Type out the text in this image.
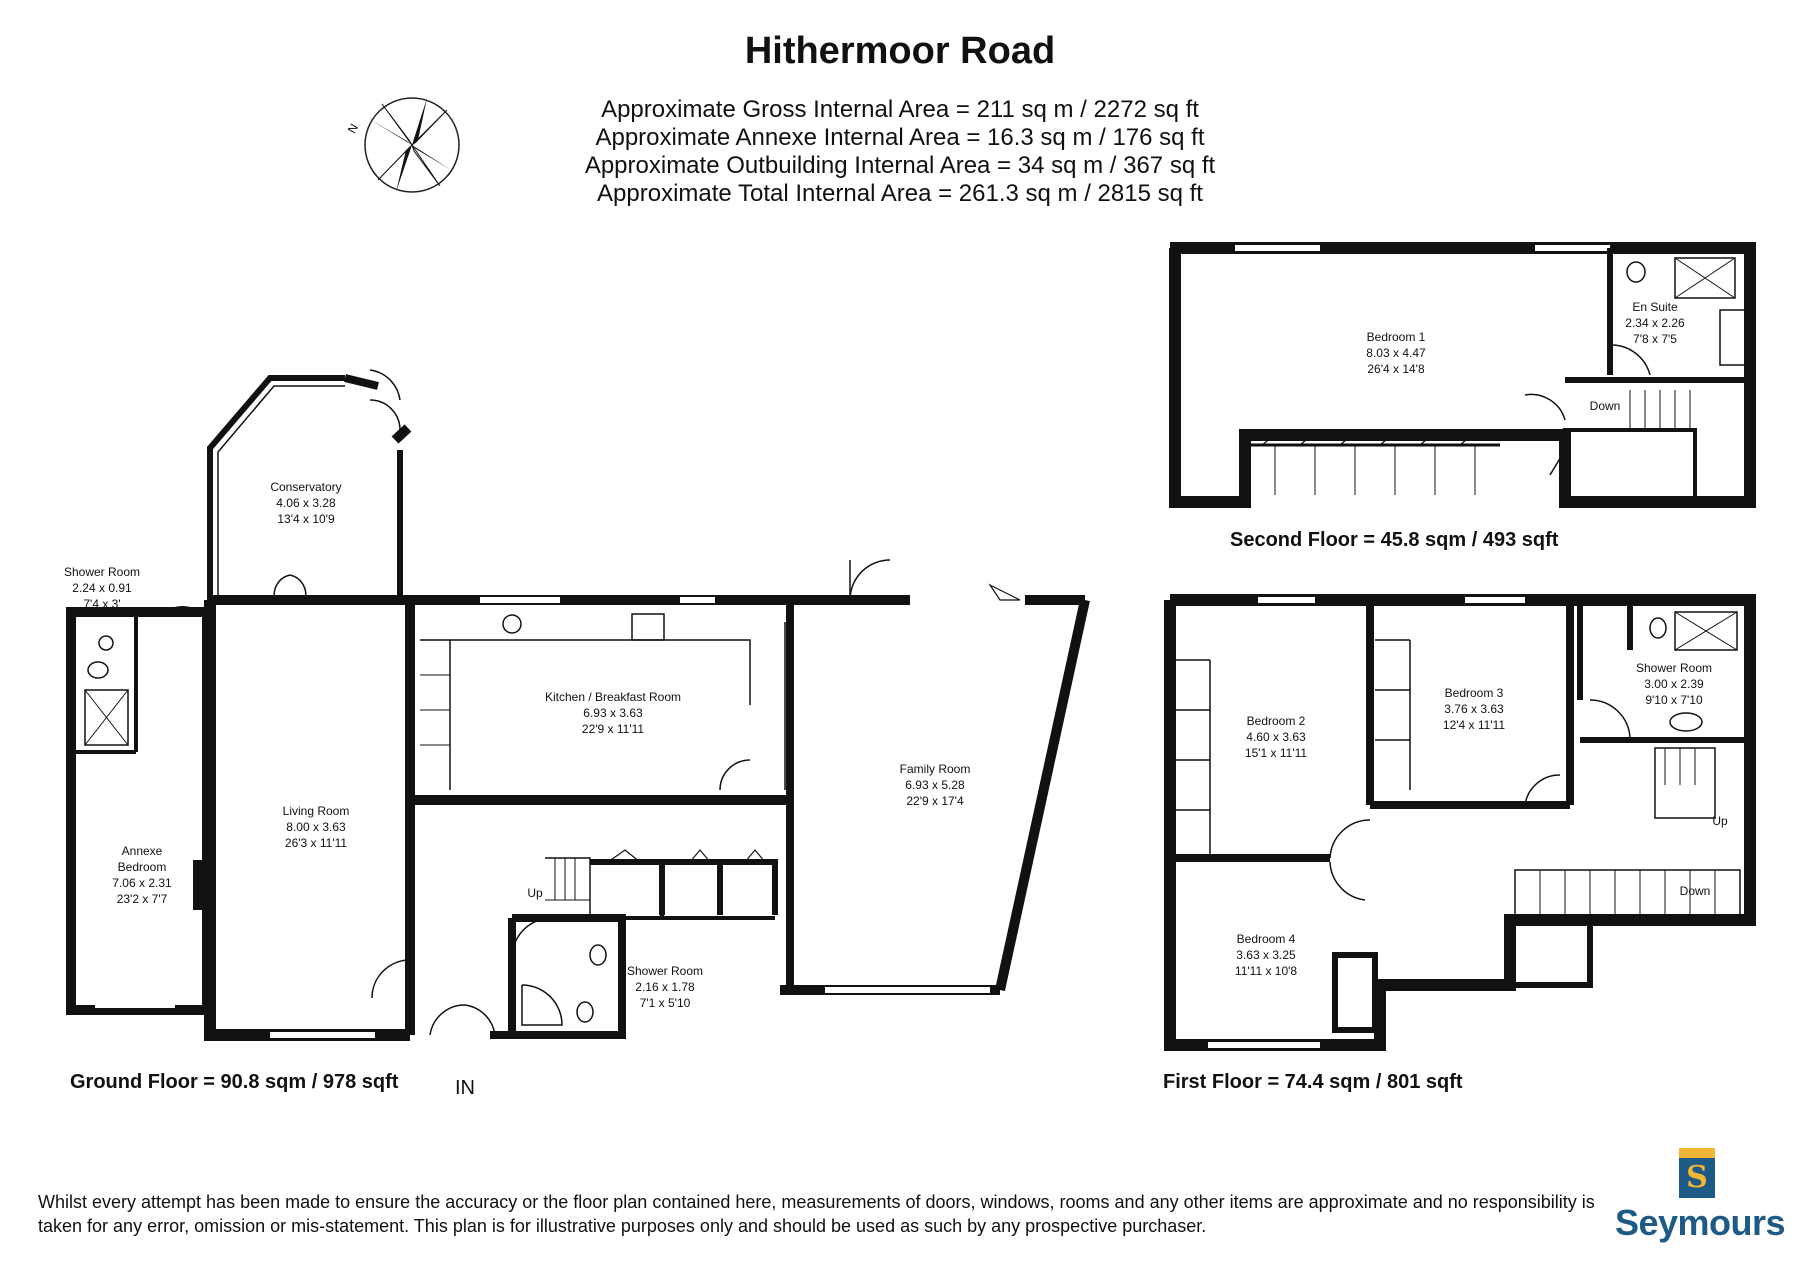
Hithermoor Road
Approximate Gross Internal Area = 211 sq m / 2272 sq ft
Approximate Annexe Internal Area = 16.3 sq m / 176 sq ft
Approximate Outbuilding Internal Area = 34 sq m / 367 sq ft
Approximate Total Internal Area = 261.3 sq m / 2815 sq ft
N
Conservatory
4.06 x 3.28
13'4 x 10'9
Shower Room
2.24 x 0.91
7'4 x 3'
Annexe
Bedroom
7.06 x 2.31
23'2 x 7'7
Living Room
8.00 x 3.63
26'3 x 11'11
Kitchen / Breakfast Room
6.93 x 3.63
22'9 x 11'11
Family Room
6.93 x 5.28
22'9 x 17'4
Shower Room
2.16 x 1.78
7'1 x 5'10
Up
Bedroom 1
8.03 x 4.47
26'4 x 14'8
En Suite
2.34 x 2.26
7'8 x 7'5
Down
Bedroom 2
4.60 x 3.63
15'1 x 11'11
Bedroom 3
3.76 x 3.63
12'4 x 11'11
Shower Room
3.00 x 2.39
9'10 x 7'10
Bedroom 4
3.63 x 3.25
11'11 x 10'8
Up
Down
Ground Floor = 90.8 sqm / 978 sqft	IN
Second Floor = 45.8 sqm / 493 sqft
First Floor = 74.4 sqm / 801 sqft
Whilst every attempt has been made to ensure the accuracy or the floor plan contained here, measurements of doors, windows, rooms and any other items are approximate and no responsibility is taken for any error, omission or mis-statement. This plan is for illustrative purposes only and should be used as such by any prospective purchaser.
S
Seymours
